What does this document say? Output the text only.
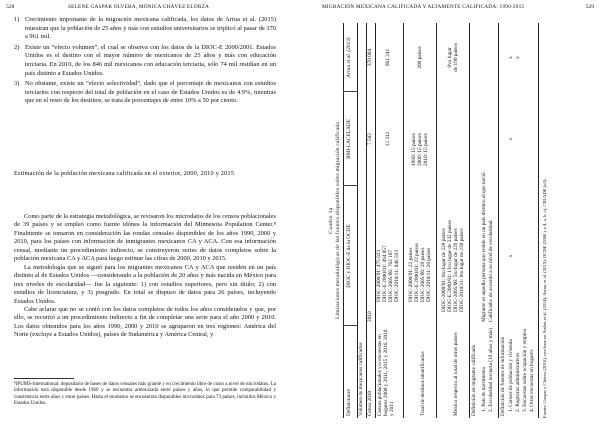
528	SELENE GASPAR OLVERA, MÓNICA CHÁVEZ ELORZA
1) Crecimiento importante de la migración mexicana calificada, los datos de Arrua et al. (2015) muestran que la población de 25 años y más con estudios universitarios se triplicó al pasar de 370 a 961 mil.
2) Existe un “efecto volumen”, el cual se observa con los datos de la DIOC-E 2000/2001. Estados Unidos es el destino con el mayor número de mexicanos de 25 años y más con educación terciaria. En 2010, de los 846 mil mexicanos con educación terciaria, sólo 74 mil residían en un país distinto a Estados Unidos.
3) No obstante, existe un “efecto selectividad”, dado que el porcentaje de mexicanos con estudios terciarios con respecto del total de población en el caso de Estados Unidos es de 4.9%, mientras que en el resto de los destinos, se trata de porcentajes de entre 10% a 50 por ciento.
Estimación de la población mexicana calificada en el exterior, 2000, 2010 y 2015

Como parte de la estrategia metodológica, se revisaron los microdatos de los censos poblacionales de 39 países y se empleó como fuente idónea la información del Minnesota Population Center.⁸ Finalmente se tomaron en consideración las rondas censales disponibles de los años 1990, 2000 y 2010, para los países con información de inmigrantes mexicanos CA y ACA. Con esa información censal, mediante un procedimiento indirecto, se construyeron series de datos completos sobre la población mexicana CA y ACA para luego estimar las cifras de 2000, 2010 y 2015.

La metodología que se siguió para los migrantes mexicanos CA y ACA que residen en un país distinto al de Estados Unidos —considerando a la población de 20 años y más nacida en México para tres niveles de escolaridad— fue la siguiente: 1) con estudios superiores, pero sin título; 2) con estudios de licenciatura, y 3) posgrado. En total se dispuso de datos para 26 países, incluyendo Estados Unidos.

Cabe aclarar que no se contó con los datos completos de todos los años considerados y que, por ello, se recurrió a un procedimiento indirecto a fin de completar una serie para el año 2000 y 2010. Los datos obtenidos para los años 1990, 2000 y 2010 se agruparon en tres regiones: América del Norte (excluye a Estados Unidos), países de Sudamérica y América Central, y

⁸IPUMS-International: depositario de bases de datos censales más grande y en crecimiento libre de costo a nivel de microdatos. La información está disponible desde 1960 y se encuentra armonizada entre países y años, lo que permite comparabilidad y consistencia entre años y entre países. Hasta el momento se encuentran disponibles microdatos para 73 países, incluidos México y Estados Unidos.
MIGRACIÓN MEXICANA CALIFICADA Y ALTAMENTE CALIFICADA: 1990-2015	529
Cuadro 1a Limitaciones metodológicas de las fuentes disponibles sobre migración calificada
Definiciones
DIOC y DIOC-E de la OCDE
BMI-LACELADE
Arrua et al. (2013)
Volumen de mexicanos calificados Censo 2010
2010
7 502
370 004
Censos poblacionales y/o encuestas en hogares 2000 y 2011, 2015 y 2016, 2010 y 2011
DIOC-2000/01: 475 923 DIOC-E 2000/01: 494 857 DIOC-2005/06: 762 187 DIOC-2010/11: 846 593
12 312
961 241
Total de destinos identificados
DIOC-2000/01: 22 países DIOC-E 2000/01: 22 países DIOC-2005/06: 28 países DIOC-2010/11: 26 países
1990: 15 países 2000: 15 países 2010: 15 países
208 países
México respecto al total de otros países
DIOC-2000/01: 6to lugar de 228 países DIOC-E 2000/01: 11vo lugar de 232 países DIOC-2005/06: 5to lugar de 229 países DIOC-2010/11: 6to lugar de 230 países
8vo lugar de 190 países
Definición de migrante calificado 1. País de nacimiento 2. Escolaridad terciaria (18 años y más)
Migrante es aquella persona que reside en un país distinto al que nació. Calificado: de acuerdo a su nivel de escolaridad.
Definición de fuentes de información 1. Censos de población y vivienda 2. Registros administrativos 3. Encuestas sobre ocupación y empleo 4. Otras encuestas en hogares
x
x
x x
Fuente: Gaspar y Chávez (2016), con base en Arslan et al. (2014); Arrua, et al. (2015); OCDE (2008 y e 4, a, b, c), CELADE (s/f).
